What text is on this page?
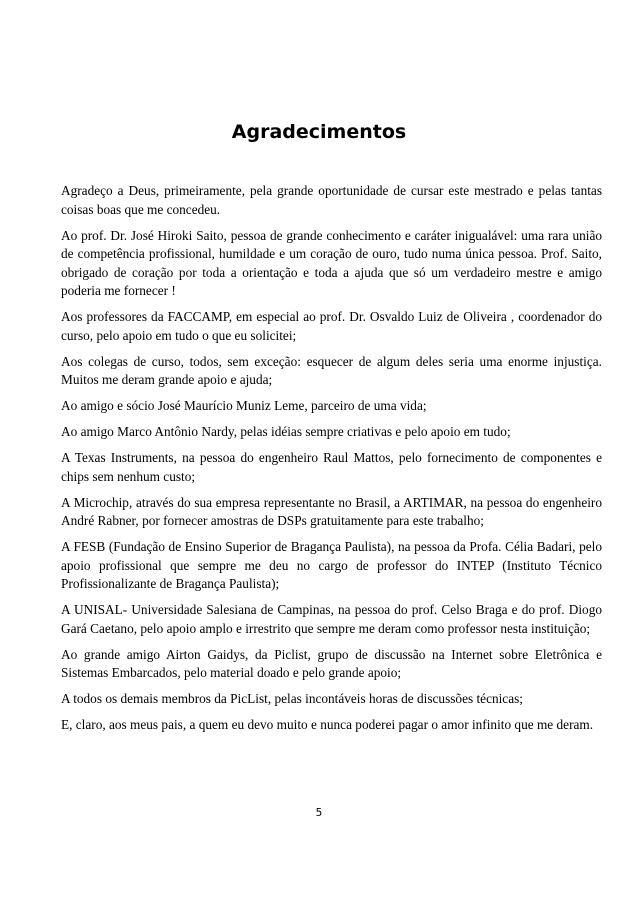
Agradecimentos

Agradeço a Deus, primeiramente, pela grande oportunidade de cursar este mestrado e pelas tantas coisas boas que me concedeu.

Ao prof. Dr. José Hiroki Saito, pessoa de grande conhecimento e caráter inigualável: uma rara união de competência profissional, humildade e um coração de ouro, tudo numa única pessoa. Prof. Saito, obrigado de coração por toda a orientação e toda a ajuda que só um verdadeiro mestre e amigo poderia me fornecer !

Aos professores da FACCAMP, em especial ao prof. Dr. Osvaldo Luiz de Oliveira , coordenador do curso, pelo apoio em tudo o que eu solicitei;

Aos colegas de curso, todos, sem exceção: esquecer de algum deles seria uma enorme injustiça. Muitos me deram grande apoio e ajuda;

Ao amigo e sócio José Maurício Muniz Leme, parceiro de uma vida;

Ao amigo Marco Antônio Nardy, pelas idéias sempre criativas e pelo apoio em tudo;

A Texas Instruments, na pessoa do engenheiro Raul Mattos, pelo fornecimento de componentes e chips sem nenhum custo;

A Microchip, através do sua empresa representante no Brasil, a ARTIMAR, na pessoa do engenheiro André Rabner, por fornecer amostras de DSPs gratuitamente para este trabalho;

A FESB (Fundação de Ensino Superior de Bragança Paulista), na pessoa da Profa. Célia Badari, pelo apoio profissional que sempre me deu no cargo de professor do INTEP (Instituto Técnico Profissionalizante de Bragança Paulista);

A UNISAL- Universidade Salesiana de Campinas, na pessoa do prof. Celso Braga e do prof. Diogo Gará Caetano, pelo apoio amplo e irrestrito que sempre me deram como professor nesta instituição;

Ao grande amigo Airton Gaidys, da Piclist, grupo de discussão na Internet sobre Eletrônica e Sistemas Embarcados, pelo material doado e pelo grande apoio;

A todos os demais membros da PicList, pelas incontáveis horas de discussões técnicas;

E, claro, aos meus pais, a quem eu devo muito e nunca poderei pagar o amor infinito que me deram.

5
